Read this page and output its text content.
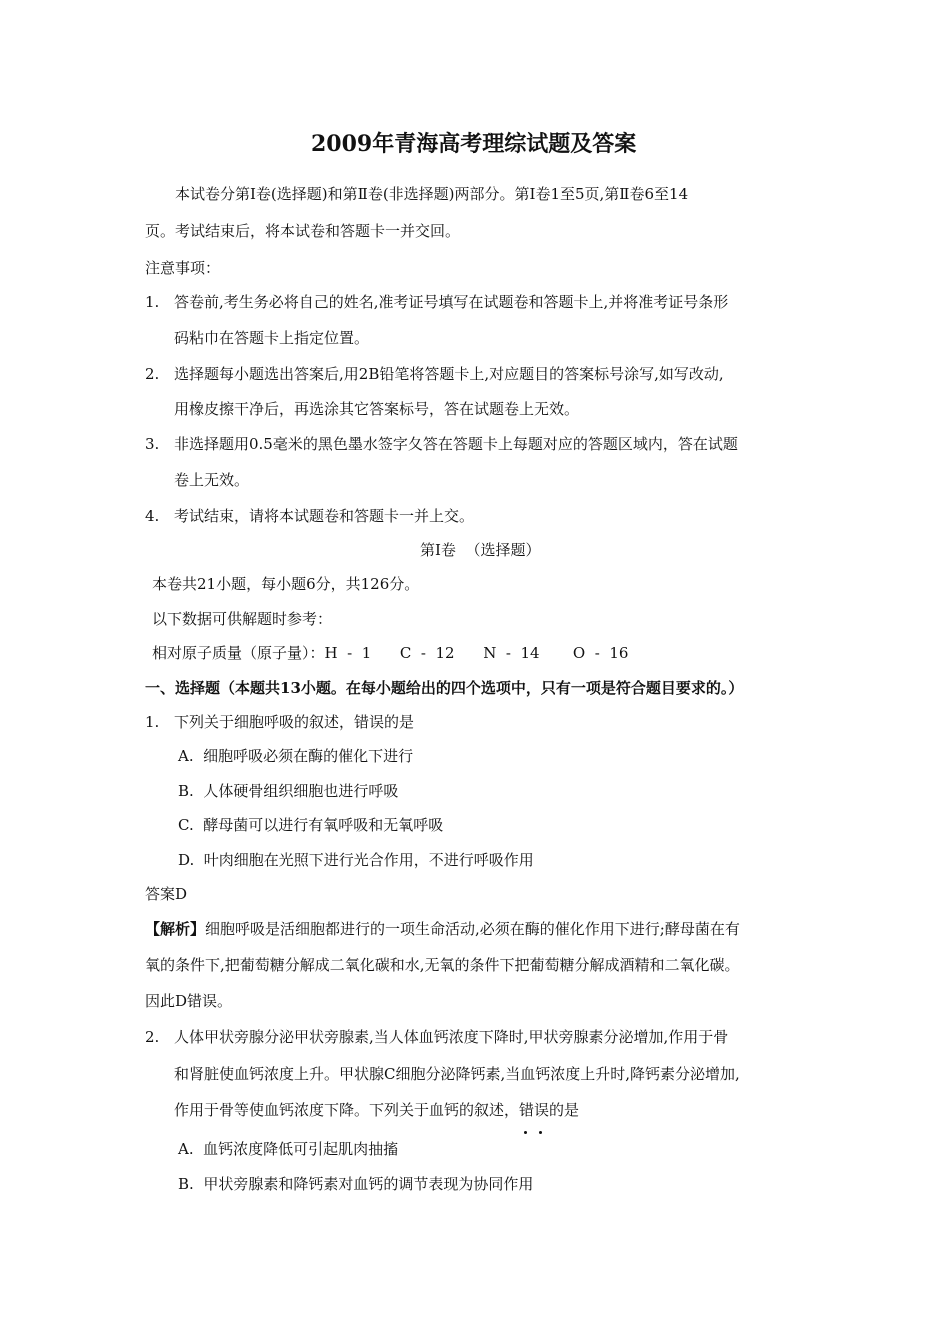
2009年青海高考理综试题及答案
本试卷分第Ⅰ卷(选择题)和第Ⅱ卷(非选择题)两部分。第Ⅰ卷1至5页,第Ⅱ卷6至14
页。考试结束后，将本试卷和答题卡一并交回。
注意事项：
1. 答卷前,考生务必将自己的姓名,准考证号填写在试题卷和答题卡上,并将准考证号条形
码粘巾在答题卡上指定位置。
2. 选择题每小题选出答案后,用2B铅笔将答题卡上,对应题目的答案标号涂写,如写改动,
用橡皮擦干净后，再选涂其它答案标号，答在试题卷上无效。
3. 非选择题用0.5毫米的黑色墨水签字夂答在答题卡上每题对应的答题区域内，答在试题
卷上无效。
4. 考试结束，请将本试题卷和答题卡一并上交。
第Ⅰ卷  （选择题）
本卷共21小题，每小题6分，共126分。
以下数据可供解题时参考：
相对原子质量（原子量）：H  -  1      C  -  12      N  -  14       O  -  16
一、选择题（本题共13小题。在每小题给出的四个选项中，只有一项是符合题目要求的。）
1. 下列关于细胞呼吸的叙述，错误的是
A.  细胞呼吸必须在酶的催化下进行
B.  人体硬骨组织细胞也进行呼吸
C.  酵母菌可以进行有氧呼吸和无氧呼吸
D.  叶肉细胞在光照下进行光合作用，不进行呼吸作用
答案D
【解析】细胞呼吸是活细胞都进行的一项生命活动,必须在酶的催化作用下进行;酵母菌在有
氧的条件下,把葡萄糖分解成二氧化碳和水,无氧的条件下把葡萄糖分解成酒精和二氧化碳。
因此D错误。
2. 人体甲状旁腺分泌甲状旁腺素,当人体血钙浓度下降时,甲状旁腺素分泌增加,作用于骨
和肾脏使血钙浓度上升。甲状腺C细胞分泌降钙素,当血钙浓度上升时,降钙素分泌增加,
作用于骨等使血钙浓度下降。下列关于血钙的叙述，错误
的是
A.  血钙浓度降低可引起肌肉抽搐
B.  甲状旁腺素和降钙素对血钙的调节表现为协同作用
